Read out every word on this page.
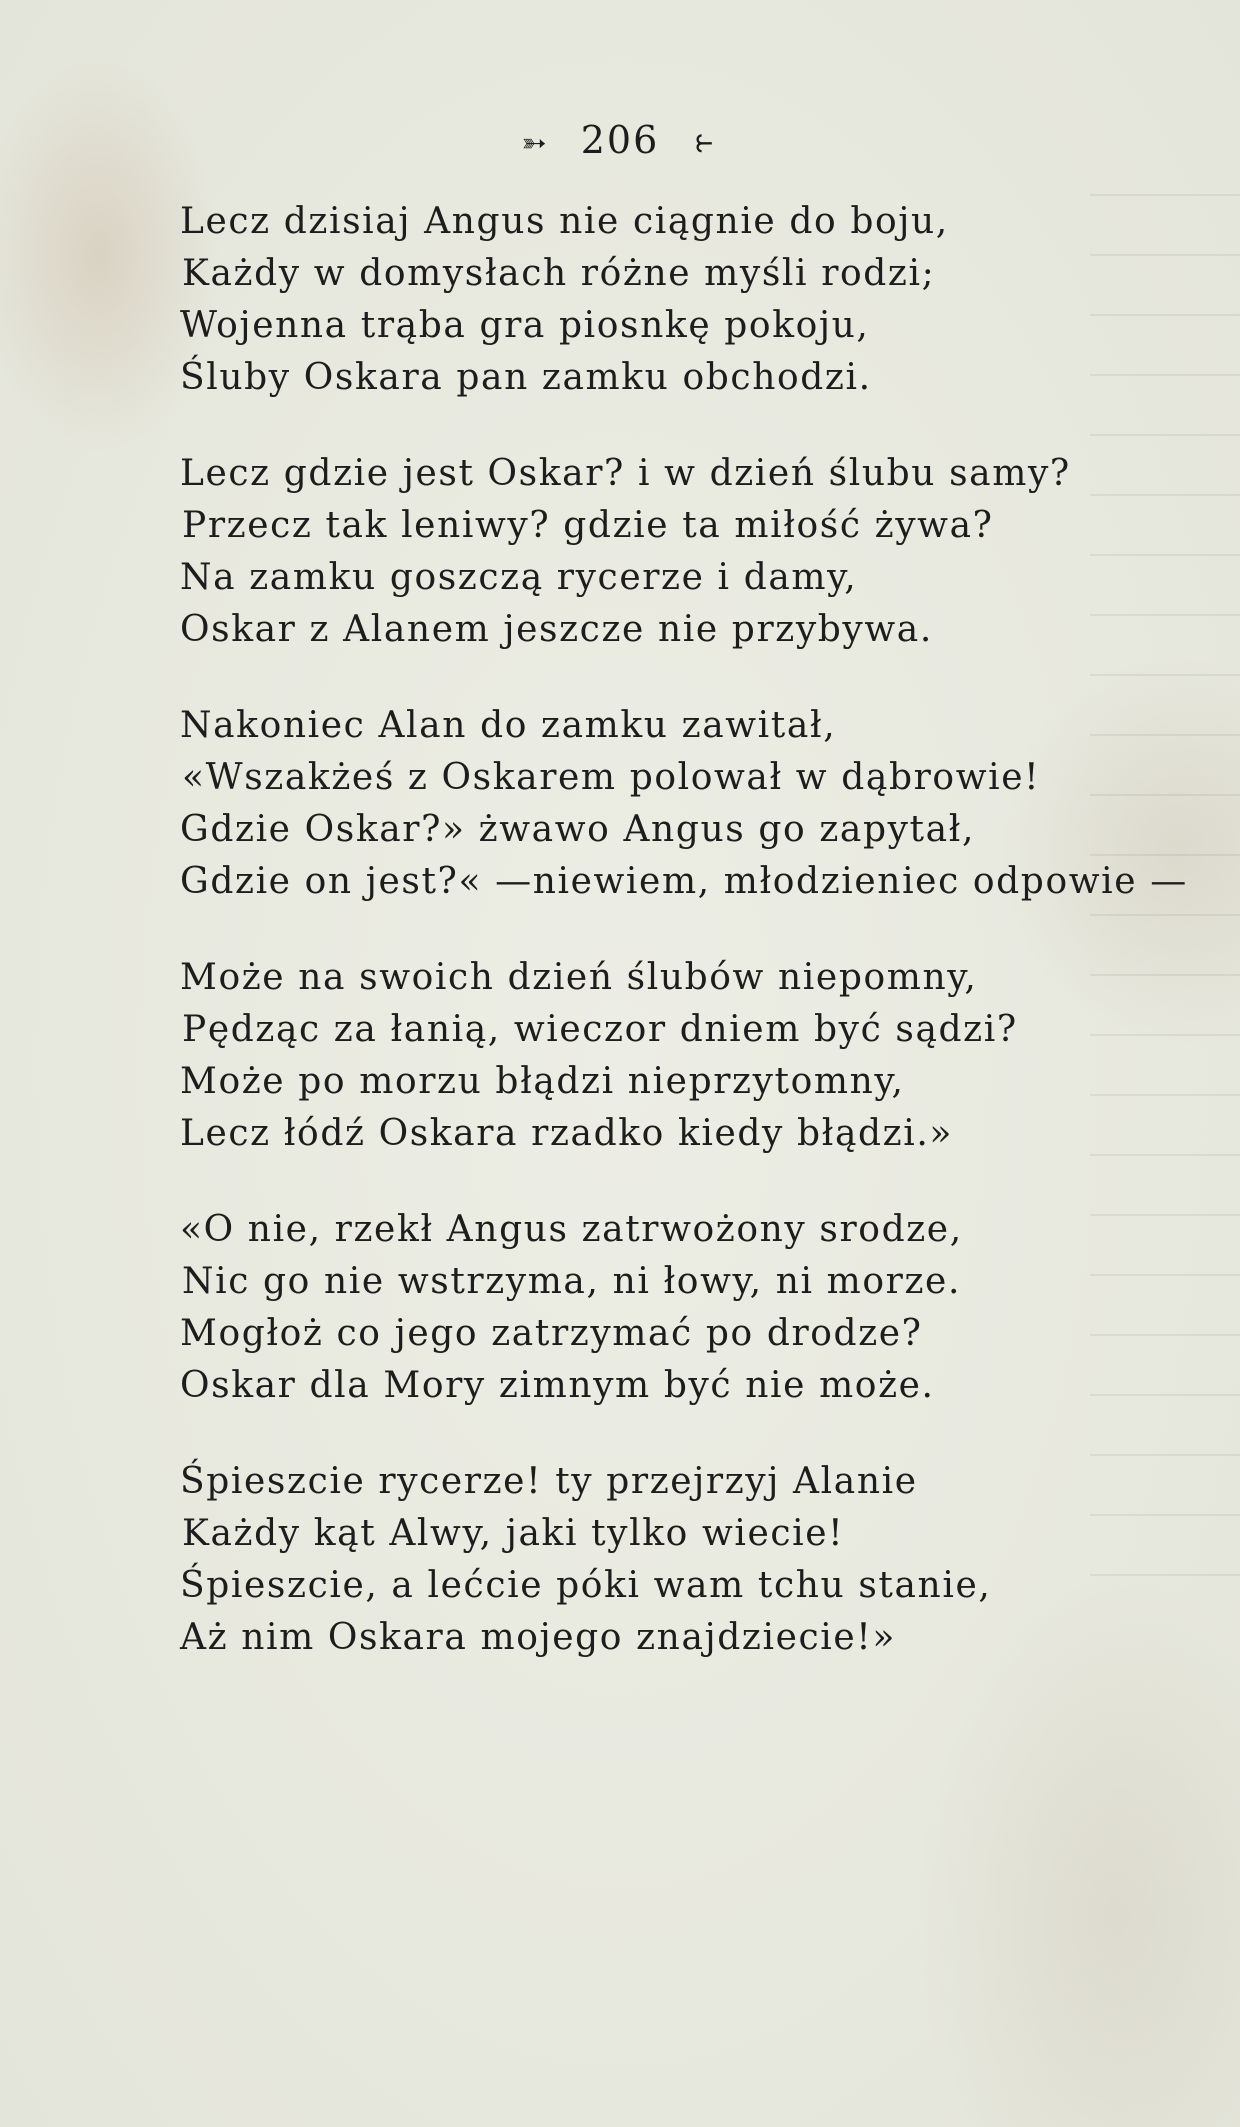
➳ 206 ⥼
Lecz dzisiaj Angus nie ciągnie do boju,
Każdy w domysłach różne myśli rodzi;
Wojenna trąba gra piosnkę pokoju,
Śluby Oskara pan zamku obchodzi.
Lecz gdzie jest Oskar? i w dzień ślubu samy?
Przecz tak leniwy? gdzie ta miłość żywa?
Na zamku goszczą rycerze i damy,
Oskar z Alanem jeszcze nie przybywa.
Nakoniec Alan do zamku zawitał,
«Wszakżeś z Oskarem polował w dąbrowie!
Gdzie Oskar?» żwawo Angus go zapytał,
Gdzie on jest?« —niewiem, młodzieniec odpowie —
Może na swoich dzień ślubów niepomny,
Pędząc za łanią, wieczor dniem być sądzi?
Może po morzu błądzi nieprzytomny,
Lecz łódź Oskara rzadko kiedy błądzi.»
«O nie, rzekł Angus zatrwożony srodze,
Nic go nie wstrzyma, ni łowy, ni morze.
Mogłoż co jego zatrzymać po drodze?
Oskar dla Mory zimnym być nie może.
Śpieszcie rycerze! ty przejrzyj Alanie
Każdy kąt Alwy, jaki tylko wiecie!
Śpieszcie, a lećcie póki wam tchu stanie,
Aż nim Oskara mojego znajdziecie!»
